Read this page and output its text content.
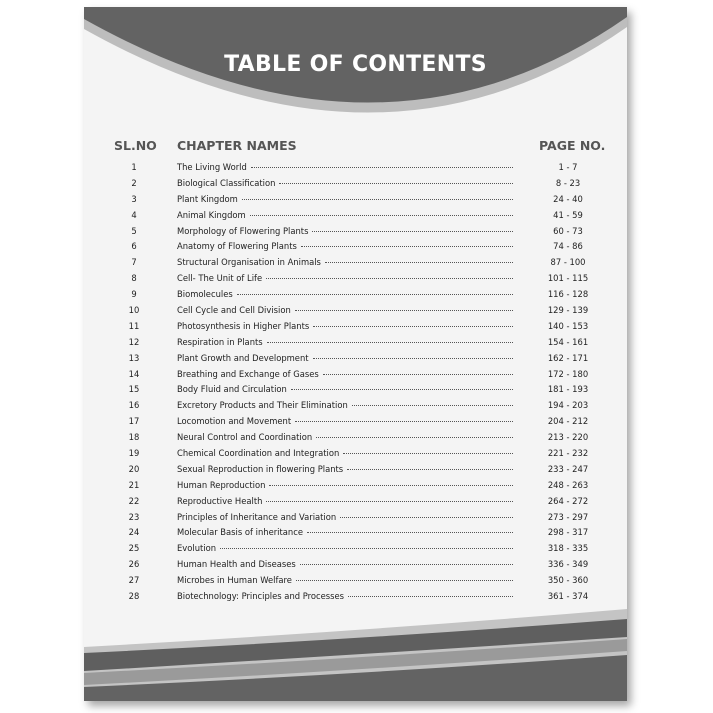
TABLE OF CONTENTS
SL.NO CHAPTER NAMES	PAGE NO.
1	The Living World	1 - 7
2	Biological Classification	8 - 23
3	Plant Kingdom	24 - 40
4	Animal Kingdom	41 - 59
5	Morphology of Flowering Plants	60 - 73
6	Anatomy of Flowering Plants	74 - 86
7	Structural Organisation in Animals	87 - 100
8	Cell- The Unit of Life	101 - 115
9	Biomolecules	116 - 128
10	Cell Cycle and Cell Division	129 - 139
11	Photosynthesis in Higher Plants	140 - 153
12	Respiration in Plants	154 - 161
13	Plant Growth and Development	162 - 171
14	Breathing and Exchange of Gases	172 - 180
15	Body Fluid and Circulation	181 - 193
16	Excretory Products and Their Elimination	194 - 203
17	Locomotion and Movement	204 - 212
18	Neural Control and Coordination	213 - 220
19	Chemical Coordination and Integration	221 - 232
20	Sexual Reproduction in flowering Plants	233 - 247
21	Human Reproduction	248 - 263
22	Reproductive Health	264 - 272
23	Principles of Inheritance and Variation	273 - 297
24	Molecular Basis of inheritance	298 - 317
25	Evolution	318 - 335
26	Human Health and Diseases	336 - 349
27	Microbes in Human Welfare	350 - 360
28	Biotechnology: Principles and Processes	361 - 374
